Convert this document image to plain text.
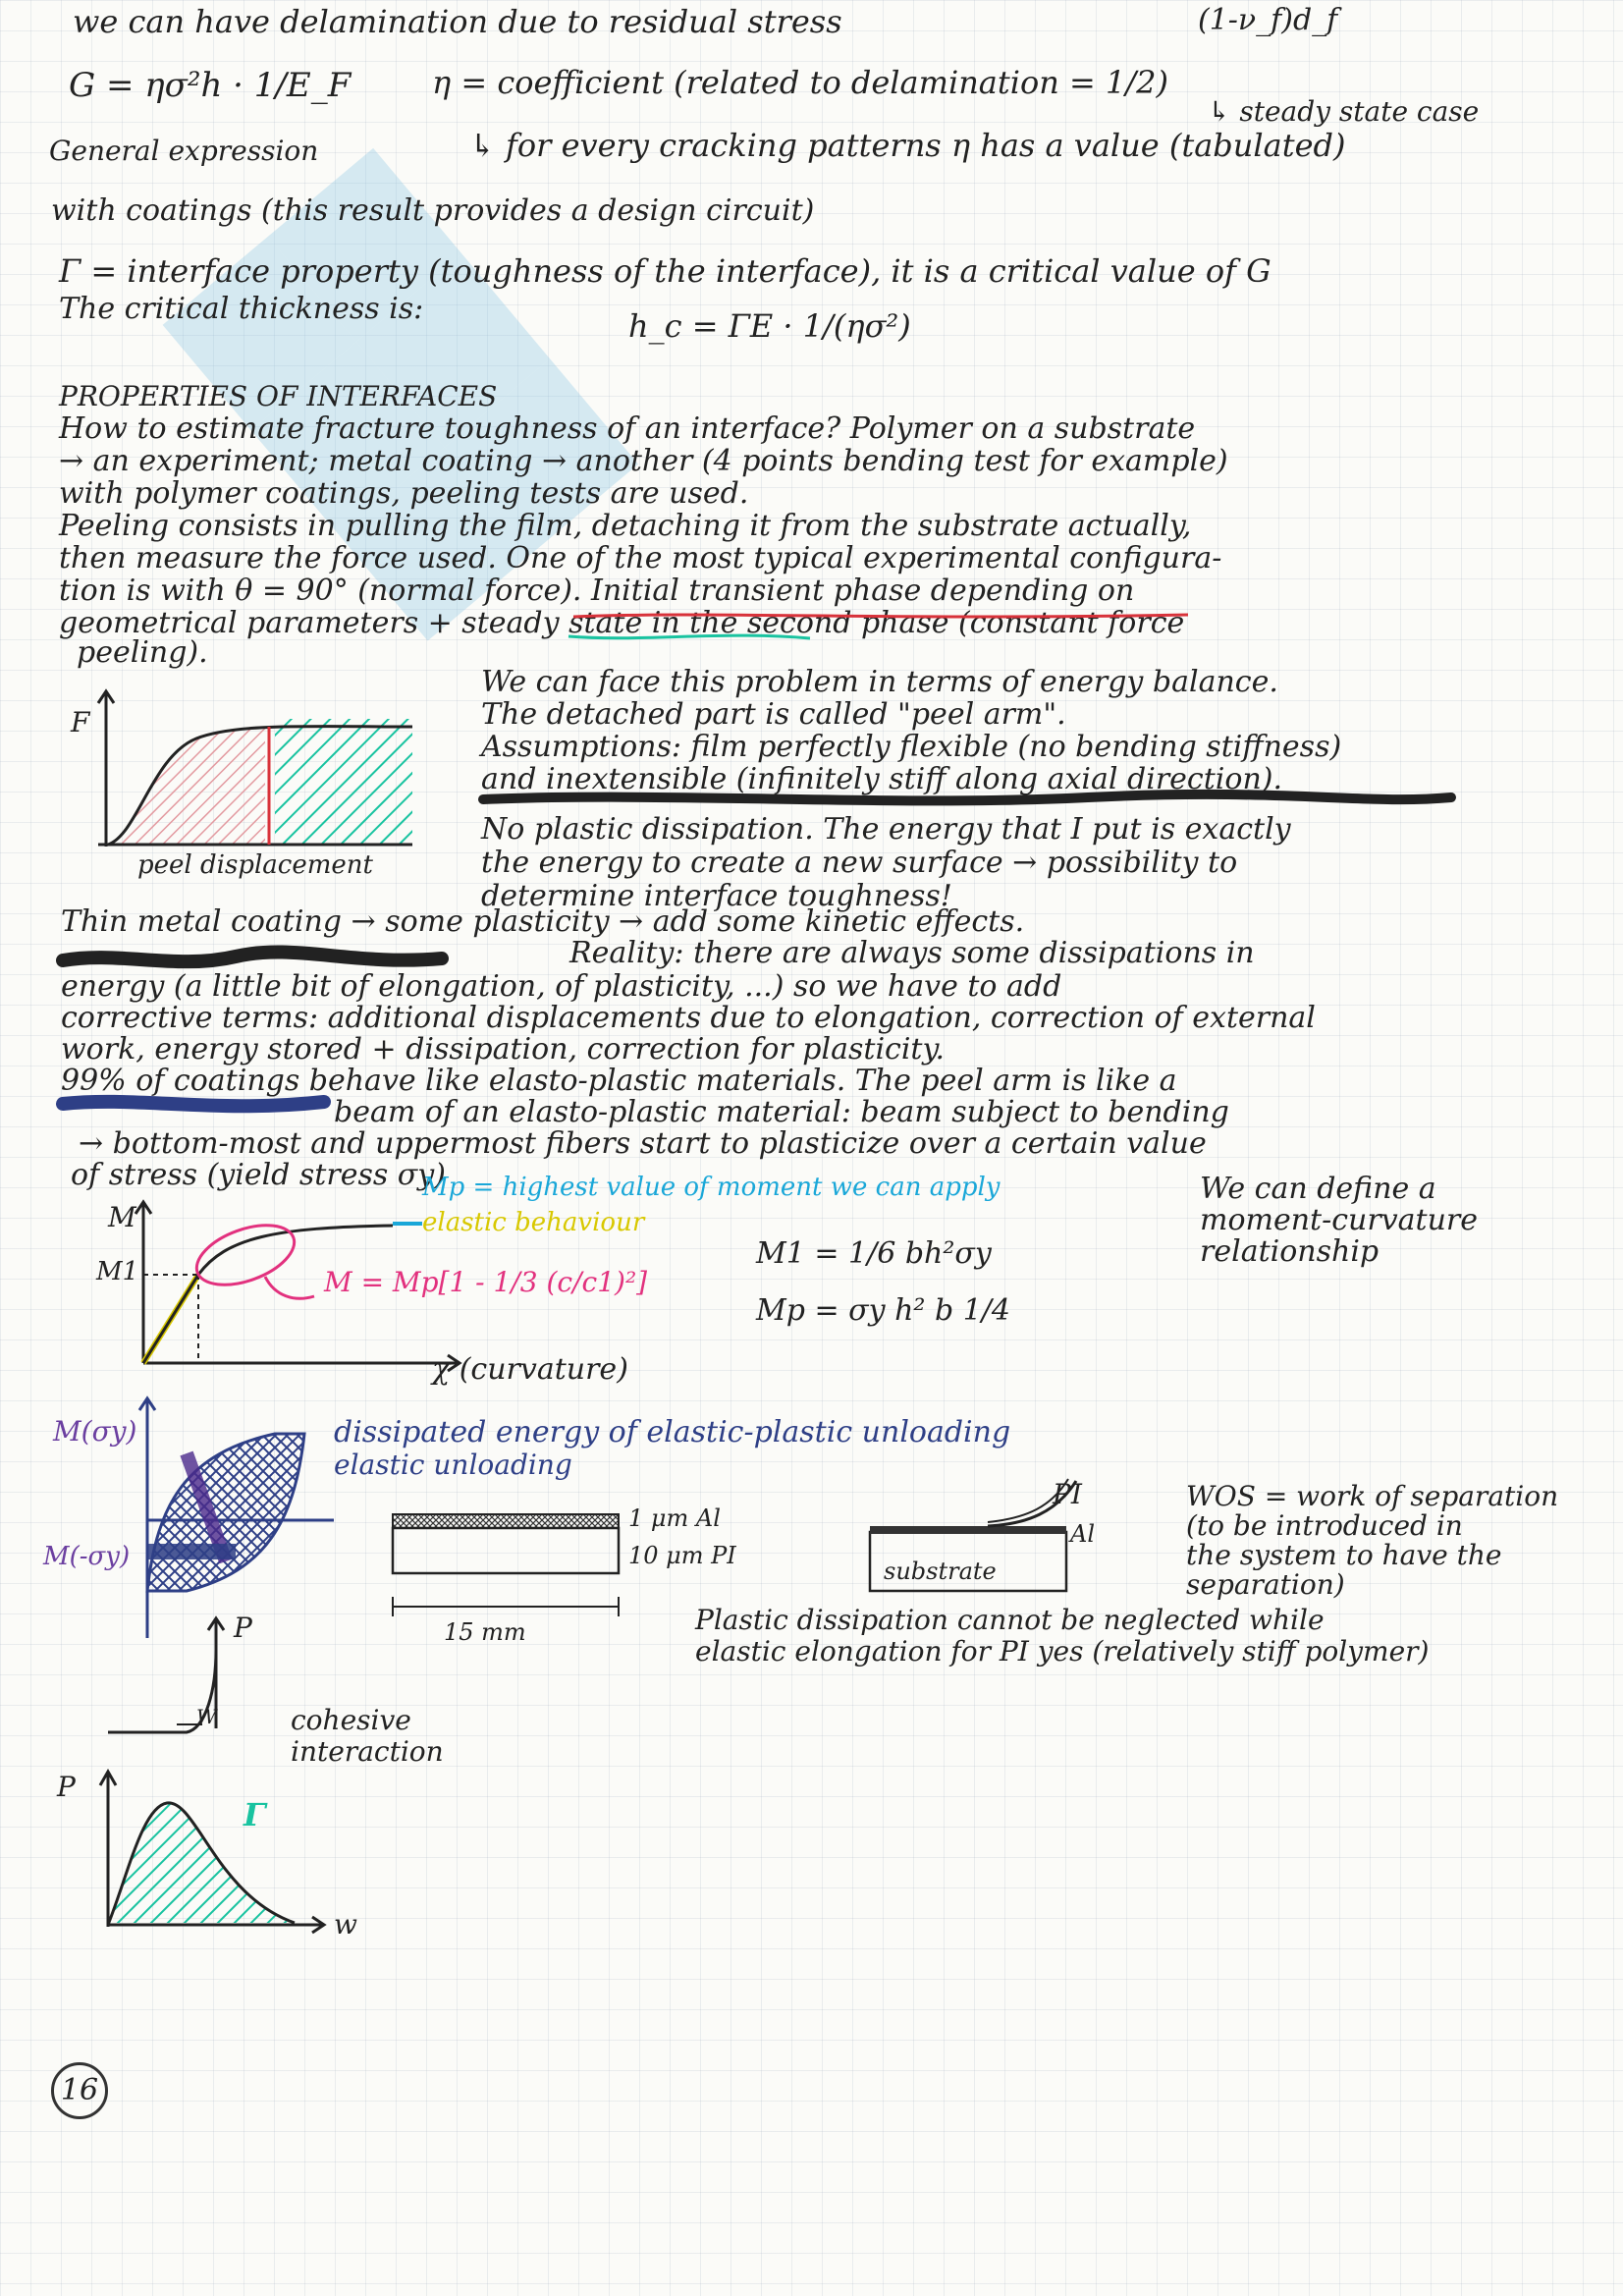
we can have delamination due to residual stress	(1-ν_f)d_f
G = ησ²h · 1/E_F	η = coefficient (related to delamination = 1/2)
↳ steady state case
General expression	↳ for every cracking patterns η has a value (tabulated)
with coatings (this result provides a design circuit)
Γ = interface property (toughness of the interface), it is a critical value of G
The critical thickness is:	h_c = ΓE · 1/(ησ²)
PROPERTIES OF INTERFACES
How to estimate fracture toughness of an interface? Polymer on a substrate
→ an experiment; metal coating → another (4 points bending test for example)
with polymer coatings, peeling tests are used.
Peeling consists in pulling the film, detaching it from the substrate actually,
then measure the force used. One of the most typical experimental configura-
tion is with θ = 90° (normal force). Initial transient phase depending on
geometrical parameters + steady state in the second phase (constant force
peeling).
We can face this problem in terms of energy balance.
The detached part is called "peel arm".
Assumptions: film perfectly flexible (no bending stiffness)
and inextensible (infinitely stiff along axial direction).
No plastic dissipation. The energy that I put is exactly
the energy to create a new surface → possibility to
determine interface toughness!
Thin metal coating → some plasticity → add some kinetic effects.
Reality: there are always some dissipations in
energy (a little bit of elongation, of plasticity, ...) so we have to add
corrective terms: additional displacements due to elongation, correction of external
work, energy stored + dissipation, correction for plasticity.
99% of coatings behave like elasto-plastic materials. The peel arm is like a
beam of an elasto-plastic material: beam subject to bending
→ bottom-most and uppermost fibers start to plasticize over a certain value
of stress (yield stress σy)
F
peel displacement
M
M1
χ (curvature)
Mp = highest value of moment we can apply
elastic behaviour
M = Mp[1 - 1/3 (c/c1)²]
M1 = 1/6 bh²σy
Mp = σy h² b 1/4
We can define a
moment-curvature
relationship
M(σy)
M(-σy)
dissipated energy of elastic-plastic unloading
elastic unloading
1 μm Al
10 μm PI
15 mm
PI
Al
substrate
WOS = work of separation
(to be introduced in
the system to have the
separation)
Plastic dissipation cannot be neglected while
elastic elongation for PI yes (relatively stiff polymer)
P
W	cohesive
interaction
P
w
Γ
16
